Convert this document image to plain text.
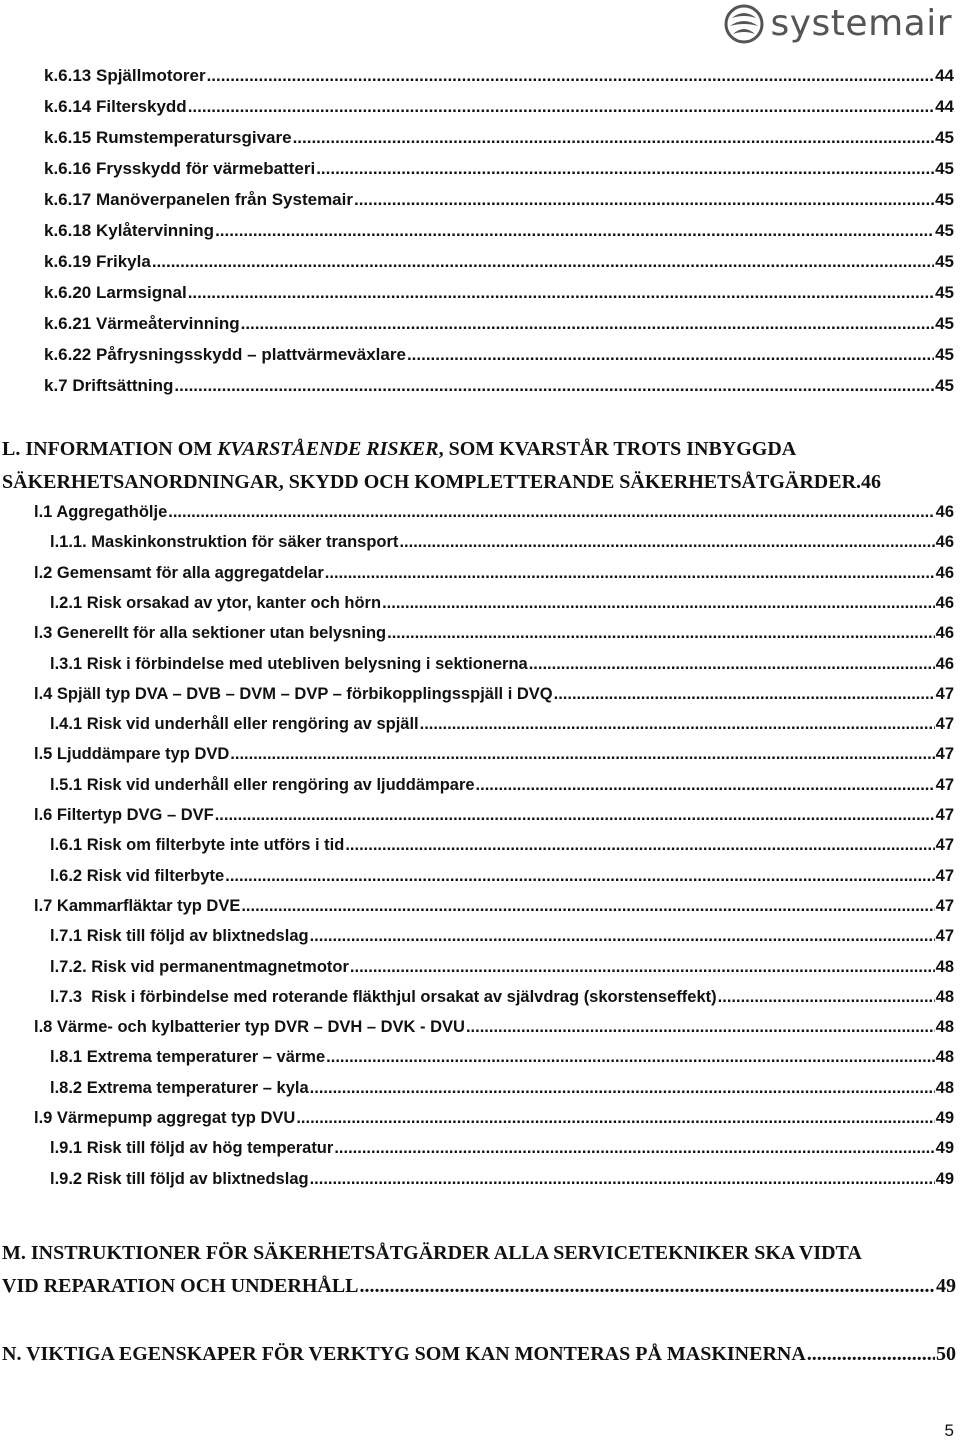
systemair
L. INFORMATION OM KVARSTÅENDE RISKER, SOM KVARSTÅR TROTS INBYGGDA
SÄKERHETSANORDNINGAR, SKYDD OCH KOMPLETTERANDE SÄKERHETSÅTGÄRDER . 46
M. INSTRUKTIONER FÖR SÄKERHETSÅTGÄRDER ALLA SERVICETEKNIKER SKA VIDTA
VID REPARATION OCH UNDERHÅLL .....	49
N. VIKTIGA EGENSKAPER FÖR VERKTYG SOM KAN MONTERAS PÅ MASKINERNA .....	50
k.6.13 Spjällmotorer .....	44
k.6.14 Filterskydd .....	44
k.6.15 Rumstemperatursgivare .....	45
k.6.16 Frysskydd för värmebatteri .....	45
k.6.17 Manöverpanelen från Systemair .....	45
k.6.18 Kylåtervinning .....	45
k.6.19 Frikyla .....	45
k.6.20 Larmsignal .....	45
k.6.21 Värmeåtervinning .....	45
k.6.22 Påfrysningsskydd – plattvärmeväxlare .....	45
k.7 Driftsättning .....	45
l.1 Aggregathölje .....	46
l.1.1. Maskinkonstruktion för säker transport .....	46
l.2 Gemensamt för alla aggregatdelar .....	46
l.2.1 Risk orsakad av ytor, kanter och hörn .....	46
l.3 Generellt för alla sektioner utan belysning .....	46
l.3.1 Risk i förbindelse med utebliven belysning i sektionerna .....	46
l.4 Spjäll typ DVA – DVB – DVM – DVP – förbikopplingsspjäll i DVQ .....	47
l.4.1 Risk vid underhåll eller rengöring av spjäll .....	47
l.5 Ljuddämpare typ DVD .....	47
l.5.1 Risk vid underhåll eller rengöring av ljuddämpare .....	47
l.6 Filtertyp DVG – DVF .....	47
l.6.1 Risk om filterbyte inte utförs i tid .....	47
l.6.2 Risk vid filterbyte .....	47
l.7 Kammarfläktar typ DVE .....	47
l.7.1 Risk till följd av blixtnedslag .....	47
l.7.2. Risk vid permanentmagnetmotor .....	48
l.7.3  Risk i förbindelse med roterande fläkthjul orsakat av självdrag (skorstenseffekt) .....	48
l.8 Värme- och kylbatterier typ DVR – DVH – DVK - DVU .....	48
l.8.1 Extrema temperaturer – värme .....	48
l.8.2 Extrema temperaturer – kyla .....	48
l.9 Värmepump aggregat typ DVU .....	49
l.9.1 Risk till följd av hög temperatur .....	49
l.9.2 Risk till följd av blixtnedslag .....	49
5
